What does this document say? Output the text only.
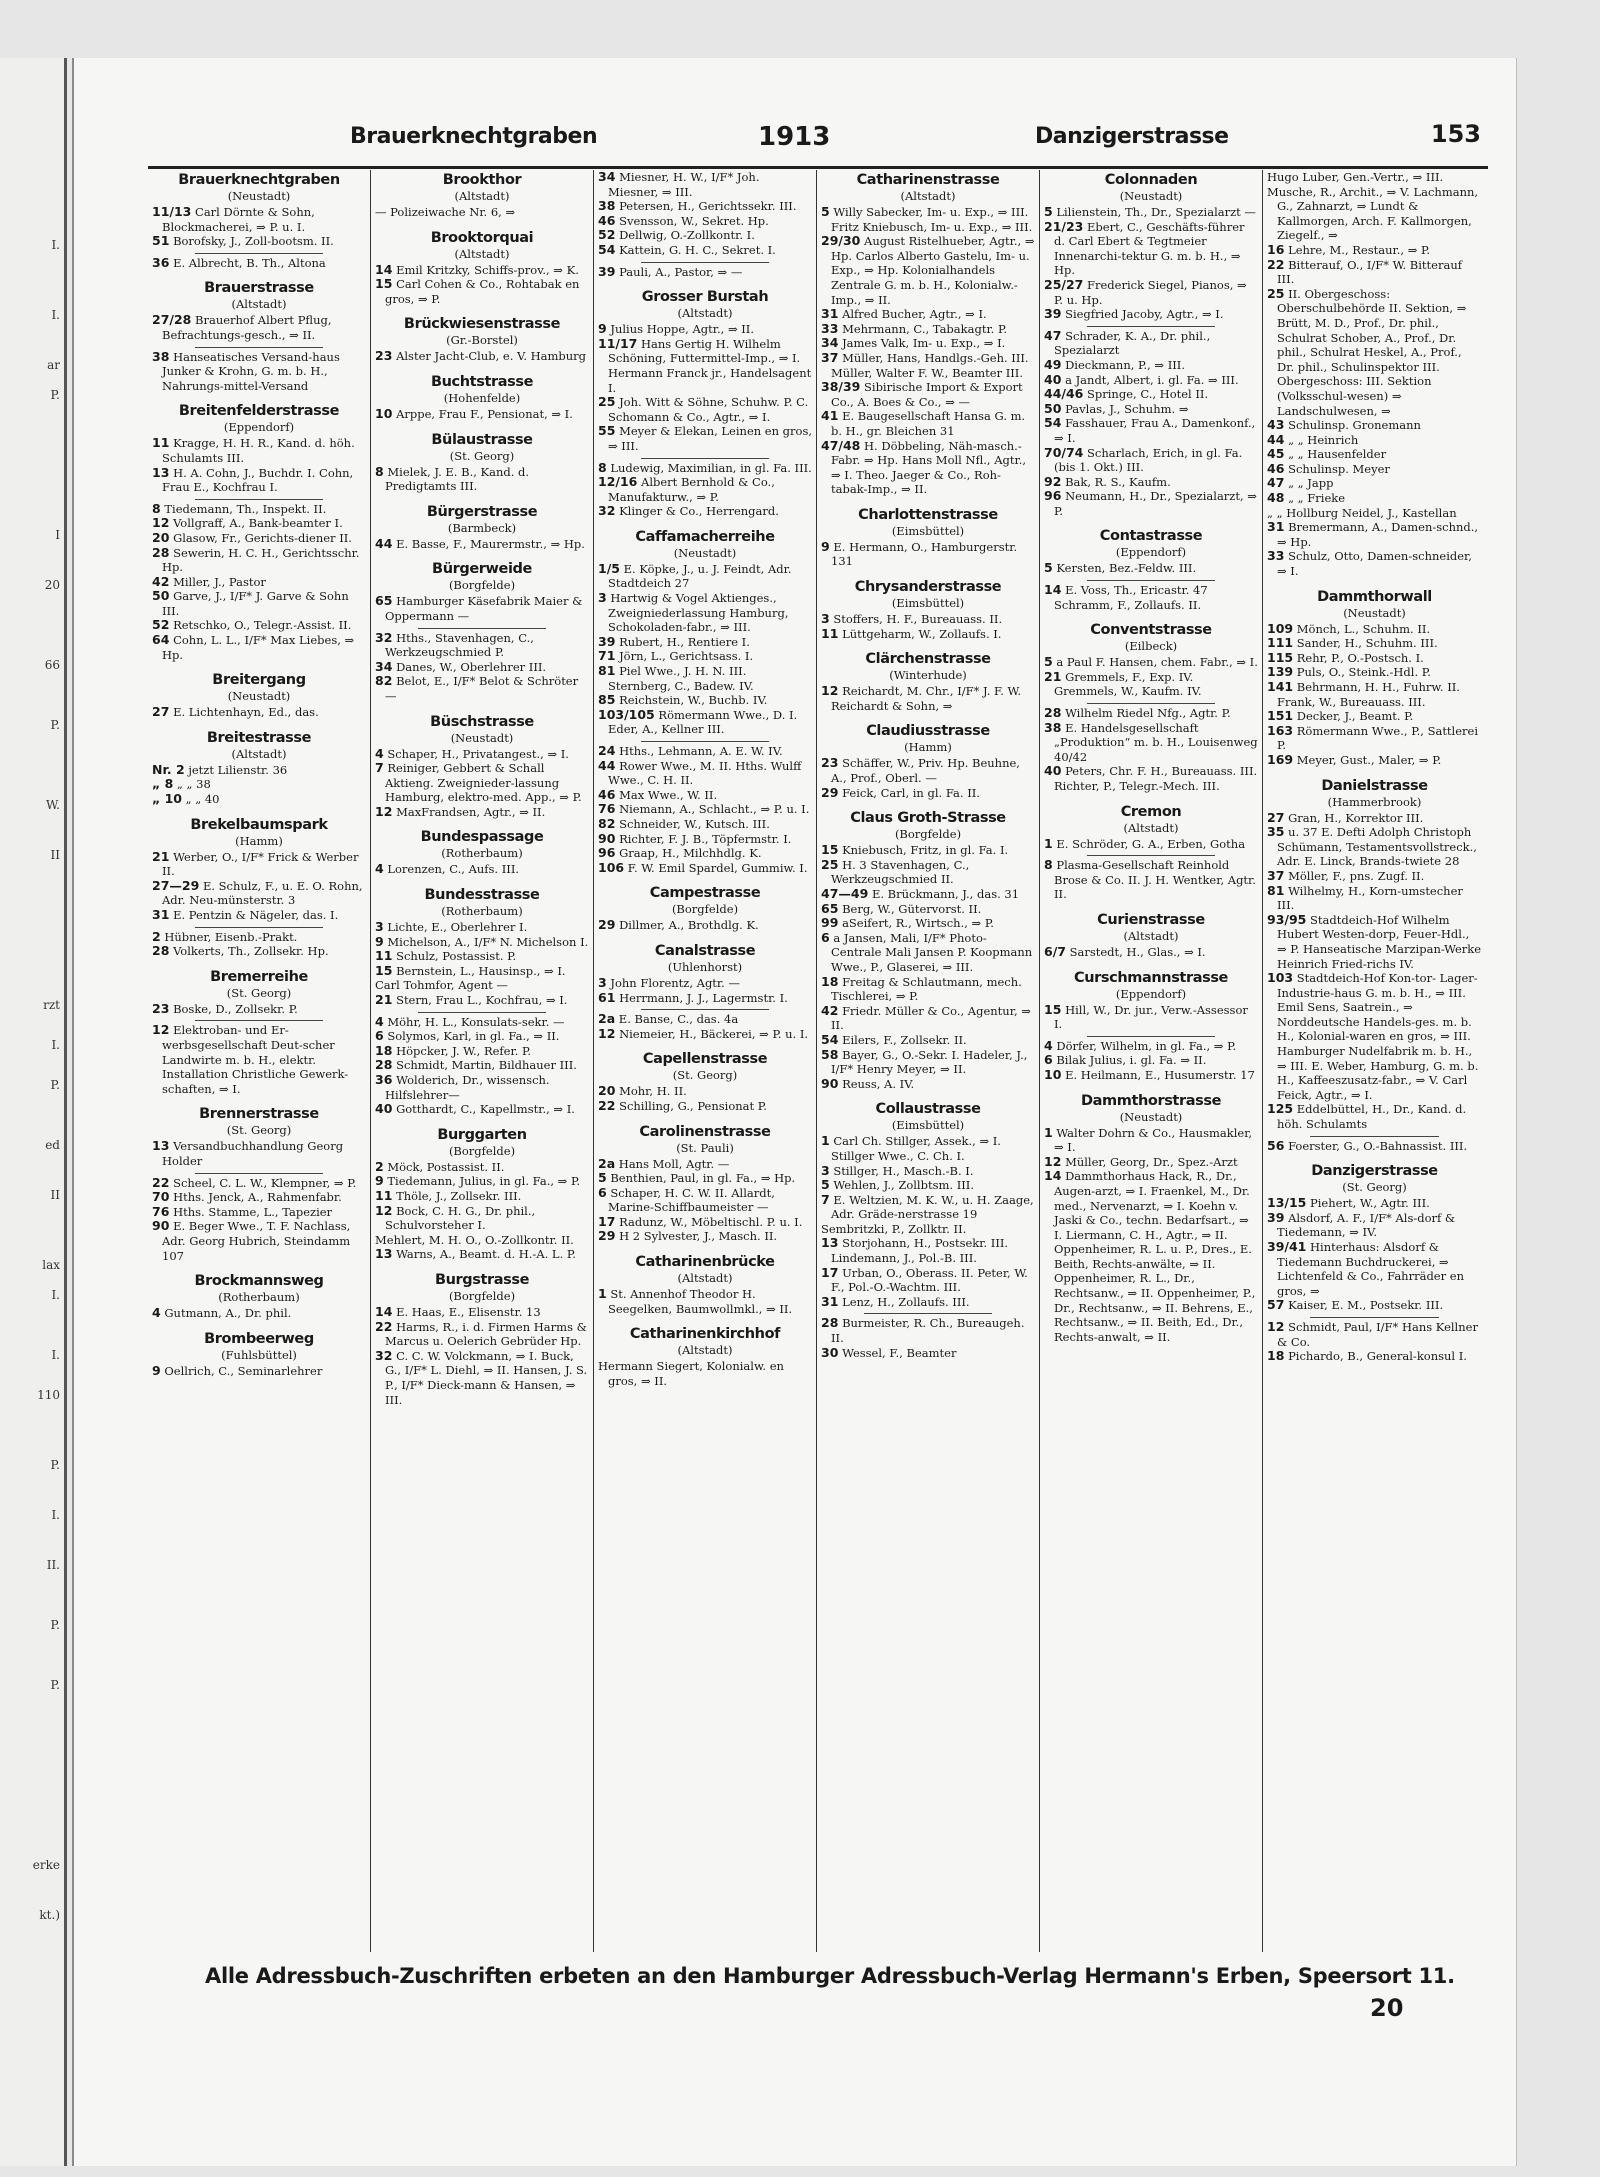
I.
I.
ar
P.
I
20
66
P.
W.
II
rzt
I.
P.
ed
II
lax
I.
I.
110
P.
I.
II.
P.
P.
erke
kt.)
Brauerknechtgraben	1913	Danzigerstrasse	153
Brauerknechtgraben
(Neustadt)
11/13 Carl Dörnte & Sohn, Blockmacherei, ⇒ P. u. I.
51 Borofsky, J., Zoll-bootsm. II.
36 E. Albrecht, B. Th., Altona
Brauerstrasse
(Altstadt)
27/28 Brauerhof Albert Pflug, Befrachtungs-gesch., ⇒ II.
38 Hanseatisches Versand-haus Junker & Krohn, G. m. b. H., Nahrungs-mittel-Versand
Breitenfelderstrasse
(Eppendorf)
11 Kragge, H. H. R., Kand. d. höh. Schulamts III.
13 H. A. Cohn, J., Buchdr. I. Cohn, Frau E., Kochfrau I.
8 Tiedemann, Th., Inspekt. II.
12 Vollgraff, A., Bank-beamter I.
20 Glasow, Fr., Gerichts-diener II.
28 Sewerin, H. C. H., Gerichtsschr. Hp.
42 Miller, J., Pastor
50 Garve, J., I/F* J. Garve & Sohn III.
52 Retschko, O., Telegr.-Assist. II.
64 Cohn, L. L., I/F* Max Liebes, ⇒ Hp.
Breitergang
(Neustadt)
27 E. Lichtenhayn, Ed., das.
Breitestrasse
(Altstadt)
Nr. 2 jetzt Lilienstr. 36
„ 8 „ „ 38
„ 10 „ „ 40
Brekelbaumspark
(Hamm)
21 Werber, O., I/F* Frick & Werber II.
27—29 E. Schulz, F., u. E. O. Rohn, Adr. Neu-münsterstr. 3
31 E. Pentzin & Nägeler, das. I.
2 Hübner, Eisenb.-Prakt.
28 Volkerts, Th., Zollsekr. Hp.
Bremerreihe
(St. Georg)
23 Boske, D., Zollsekr. P.
12 Elektroban- und Er-werbsgesellschaft Deut-scher Landwirte m. b. H., elektr. Installation Christliche Gewerk-schaften, ⇒ I.
Brennerstrasse
(St. Georg)
13 Versandbuchhandlung Georg Holder
22 Scheel, C. L. W., Klempner, ⇒ P.
70 Hths. Jenck, A., Rahmenfabr.
76 Hths. Stamme, L., Tapezier
90 E. Beger Wwe., T. F. Nachlass, Adr. Georg Hubrich, Steindamm 107
Brockmannsweg
(Rotherbaum)
4 Gutmann, A., Dr. phil.
Brombeerweg
(Fuhlsbüttel)
9 Oellrich, C., Seminarlehrer
Brookthor
(Altstadt)
— Polizeiwache Nr. 6, ⇒
Brooktorquai
(Altstadt)
14 Emil Kritzky, Schiffs-prov., ⇒ K.
15 Carl Cohen & Co., Rohtabak en gros, ⇒ P.
Brückwiesenstrasse
(Gr.-Borstel)
23 Alster Jacht-Club, e. V. Hamburg
Buchtstrasse
(Hohenfelde)
10 Arppe, Frau F., Pensionat, ⇒ I.
Bülaustrasse
(St. Georg)
8 Mielek, J. E. B., Kand. d. Predigtamts III.
Bürgerstrasse
(Barmbeck)
44 E. Basse, F., Maurermstr., ⇒ Hp.
Bürgerweide
(Borgfelde)
65 Hamburger Käsefabrik Maier & Oppermann —
32 Hths., Stavenhagen, C., Werkzeugschmied P.
34 Danes, W., Oberlehrer III.
82 Belot, E., I/F* Belot & Schröter —
Büschstrasse
(Neustadt)
4 Schaper, H., Privatangest., ⇒ I.
7 Reiniger, Gebbert & Schall Aktieng. Zweignieder-lassung Hamburg, elektro-med. App., ⇒ P.
12 MaxFrandsen, Agtr., ⇒ II.
Bundespassage
(Rotherbaum)
4 Lorenzen, C., Aufs. III.
Bundesstrasse
(Rotherbaum)
3 Lichte, E., Oberlehrer I.
9 Michelson, A., I/F* N. Michelson I.
11 Schulz, Postassist. P.
15 Bernstein, L., Hausinsp., ⇒ I.
Carl Tohmfor, Agent —
21 Stern, Frau L., Kochfrau, ⇒ I.
4 Möhr, H. L., Konsulats-sekr. —
6 Solymos, Karl, in gl. Fa., ⇒ II.
18 Höpcker, J. W., Refer. P.
28 Schmidt, Martin, Bildhauer III.
36 Wolderich, Dr., wissensch. Hilfslehrer—
40 Gotthardt, C., Kapellmstr., ⇒ I.
Burggarten
(Borgfelde)
2 Möck, Postassist. II.
9 Tiedemann, Julius, in gl. Fa., ⇒ P.
11 Thöle, J., Zollsekr. III.
12 Bock, C. H. G., Dr. phil., Schulvorsteher I.
Mehlert, M. H. O., O.-Zollkontr. II.
13 Warns, A., Beamt. d. H.-A. L. P.
Burgstrasse
(Borgfelde)
14 E. Haas, E., Elisenstr. 13
22 Harms, R., i. d. Firmen Harms & Marcus u. Oelerich Gebrüder Hp.
32 C. C. W. Volckmann, ⇒ I. Buck, G., I/F* L. Diehl, ⇒ II. Hansen, J. S. P., I/F* Dieck-mann & Hansen, ⇒ III.
34 Miesner, H. W., I/F* Joh. Miesner, ⇒ III.
38 Petersen, H., Gerichtssekr. III.
46 Svensson, W., Sekret. Hp.
52 Dellwig, O.-Zollkontr. I.
54 Kattein, G. H. C., Sekret. I.
39 Pauli, A., Pastor, ⇒ —
Grosser Burstah
(Altstadt)
9 Julius Hoppe, Agtr., ⇒ II.
11/17 Hans Gertig H. Wilhelm Schöning, Futtermittel-Imp., ⇒ I. Hermann Franck jr., Handelsagent I.
25 Joh. Witt & Söhne, Schuhw. P. C. Schomann & Co., Agtr., ⇒ I.
55 Meyer & Elekan, Leinen en gros, ⇒ III.
8 Ludewig, Maximilian, in gl. Fa. III.
12/16 Albert Bernhold & Co., Manufakturw., ⇒ P.
32 Klinger & Co., Herrengard.
Caffamacherreihe
(Neustadt)
1/5 E. Köpke, J., u. J. Feindt, Adr. Stadtdeich 27
3 Hartwig & Vogel Aktienges., Zweigniederlassung Hamburg, Schokoladen-fabr., ⇒ III.
39 Rubert, H., Rentiere I.
71 Jörn, L., Gerichtsass. I.
81 Piel Wwe., J. H. N. III. Sternberg, C., Badew. IV.
85 Reichstein, W., Buchb. IV.
103/105 Römermann Wwe., D. I. Eder, A., Kellner III.
24 Hths., Lehmann, A. E. W. IV.
44 Rower Wwe., M. II. Hths. Wulff Wwe., C. H. II.
46 Max Wwe., W. II.
76 Niemann, A., Schlacht., ⇒ P. u. I.
82 Schneider, W., Kutsch. III.
90 Richter, F. J. B., Töpfermstr. I.
96 Graap, H., Milchhdlg. K.
106 F. W. Emil Spardel, Gummiw. I.
Campestrasse
(Borgfelde)
29 Dillmer, A., Brothdlg. K.
Canalstrasse
(Uhlenhorst)
3 John Florentz, Agtr. —
61 Herrmann, J. J., Lagermstr. I.
2a E. Banse, C., das. 4a
12 Niemeier, H., Bäckerei, ⇒ P. u. I.
Capellenstrasse
(St. Georg)
20 Mohr, H. II.
22 Schilling, G., Pensionat P.
Carolinenstrasse
(St. Pauli)
2a Hans Moll, Agtr. —
5 Benthien, Paul, in gl. Fa., ⇒ Hp.
6 Schaper, H. C. W. II. Allardt, Marine-Schiffbaumeister —
17 Radunz, W., Möbeltischl. P. u. I.
29 H 2 Sylvester, J., Masch. II.
Catharinenbrücke
(Altstadt)
1 St. Annenhof Theodor H. Seegelken, Baumwollmkl., ⇒ II.
Catharinenkirchhof
(Altstadt)
Hermann Siegert, Kolonialw. en gros, ⇒ II.
Catharinenstrasse
(Altstadt)
5 Willy Sabecker, Im- u. Exp., ⇒ III. Fritz Kniebusch, Im- u. Exp., ⇒ III.
29/30 August Ristelhueber, Agtr., ⇒ Hp. Carlos Alberto Gastelu, Im- u. Exp., ⇒ Hp. Kolonialhandels Zentrale G. m. b. H., Kolonialw.-Imp., ⇒ II.
31 Alfred Bucher, Agtr., ⇒ I.
33 Mehrmann, C., Tabakagtr. P.
34 James Valk, Im- u. Exp., ⇒ I.
37 Müller, Hans, Handlgs.-Geh. III. Müller, Walter F. W., Beamter III.
38/39 Sibirische Import & Export Co., A. Boes & Co., ⇒ —
41 E. Baugesellschaft Hansa G. m. b. H., gr. Bleichen 31
47/48 H. Döbbeling, Näh-masch.-Fabr. ⇒ Hp. Hans Moll Nfl., Agtr., ⇒ I. Theo. Jaeger & Co., Roh-tabak-Imp., ⇒ II.
Charlottenstrasse
(Eimsbüttel)
9 E. Hermann, O., Hamburgerstr. 131
Chrysanderstrasse
(Eimsbüttel)
3 Stoffers, H. F., Bureauass. II.
11 Lüttgeharm, W., Zollaufs. I.
Clärchenstrasse
(Winterhude)
12 Reichardt, M. Chr., I/F* J. F. W. Reichardt & Sohn, ⇒
Claudiusstrasse
(Hamm)
23 Schäffer, W., Priv. Hp. Beuhne, A., Prof., Oberl. —
29 Feick, Carl, in gl. Fa. II.
Claus Groth-Strasse
(Borgfelde)
15 Kniebusch, Fritz, in gl. Fa. I.
25 H. 3 Stavenhagen, C., Werkzeugschmied II.
47—49 E. Brückmann, J., das. 31
65 Berg, W., Gütervorst. II.
99 aSeifert, R., Wirtsch., ⇒ P.
6 a Jansen, Mali, I/F* Photo-Centrale Mali Jansen P. Koopmann Wwe., P., Glaserei, ⇒ III.
18 Freitag & Schlautmann, mech. Tischlerei, ⇒ P.
42 Friedr. Müller & Co., Agentur, ⇒ II.
54 Eilers, F., Zollsekr. II.
58 Bayer, G., O.-Sekr. I. Hadeler, J., I/F* Henry Meyer, ⇒ II.
90 Reuss, A. IV.
Collaustrasse
(Eimsbüttel)
1 Carl Ch. Stillger, Assek., ⇒ I. Stillger Wwe., C. Ch. I.
3 Stillger, H., Masch.-B. I.
5 Wehlen, J., Zollbtsm. III.
7 E. Weltzien, M. K. W., u. H. Zaage, Adr. Gräde-nerstrasse 19
Sembritzki, P., Zollktr. II.
13 Storjohann, H., Postsekr. III. Lindemann, J., Pol.-B. III.
17 Urban, O., Oberass. II. Peter, W. F., Pol.-O.-Wachtm. III.
31 Lenz, H., Zollaufs. III.
28 Burmeister, R. Ch., Bureaugeh. II.
30 Wessel, F., Beamter
Colonnaden
(Neustadt)
5 Lilienstein, Th., Dr., Spezialarzt —
21/23 Ebert, C., Geschäfts-führer d. Carl Ebert & Tegtmeier Innenarchi-tektur G. m. b. H., ⇒ Hp.
25/27 Frederick Siegel, Pianos, ⇒ P. u. Hp.
39 Siegfried Jacoby, Agtr., ⇒ I.
47 Schrader, K. A., Dr. phil., Spezialarzt
49 Dieckmann, P., ⇒ III.
40 a Jandt, Albert, i. gl. Fa. ⇒ III.
44/46 Springe, C., Hotel II.
50 Pavlas, J., Schuhm. ⇒
54 Fasshauer, Frau A., Damenkonf., ⇒ I.
70/74 Scharlach, Erich, in gl. Fa. (bis 1. Okt.) III.
92 Bak, R. S., Kaufm.
96 Neumann, H., Dr., Spezialarzt, ⇒ P.
Contastrasse
(Eppendorf)
5 Kersten, Bez.-Feldw. III.
14 E. Voss, Th., Ericastr. 47 Schramm, F., Zollaufs. II.
Conventstrasse
(Eilbeck)
5 a Paul F. Hansen, chem. Fabr., ⇒ I.
21 Gremmels, F., Exp. IV. Gremmels, W., Kaufm. IV.
28 Wilhelm Riedel Nfg., Agtr. P.
38 E. Handelsgesellschaft „Produktion“ m. b. H., Louisenweg 40/42
40 Peters, Chr. F. H., Bureauass. III. Richter, P., Telegr.-Mech. III.
Cremon
(Altstadt)
1 E. Schröder, G. A., Erben, Gotha
8 Plasma-Gesellschaft Reinhold Brose & Co. II. J. H. Wentker, Agtr. II.
Curienstrasse
(Altstadt)
6/7 Sarstedt, H., Glas., ⇒ I.
Curschmannstrasse
(Eppendorf)
15 Hill, W., Dr. jur., Verw.-Assessor I.
4 Dörfer, Wilhelm, in gl. Fa., ⇒ P.
6 Bilak Julius, i. gl. Fa. ⇒ II.
10 E. Heilmann, E., Husumerstr. 17
Dammthorstrasse
(Neustadt)
1 Walter Dohrn & Co., Hausmakler, ⇒ I.
12 Müller, Georg, Dr., Spez.-Arzt
14 Dammthorhaus Hack, R., Dr., Augen-arzt, ⇒ I. Fraenkel, M., Dr. med., Nervenarzt, ⇒ I. Koehn v. Jaski & Co., techn. Bedarfsart., ⇒ I. Liermann, C. H., Agtr., ⇒ II. Oppenheimer, R. L. u. P., Dres., E. Beith, Rechts-anwälte, ⇒ II. Oppenheimer, R. L., Dr., Rechtsanw., ⇒ II. Oppenheimer, P., Dr., Rechtsanw., ⇒ II. Behrens, E., Rechtsanw., ⇒ II. Beith, Ed., Dr., Rechts-anwalt, ⇒ II.
Hugo Luber, Gen.-Vertr., ⇒ III.
Musche, R., Archit., ⇒ V. Lachmann, G., Zahnarzt, ⇒ Lundt & Kallmorgen, Arch. F. Kallmorgen, Ziegelf., ⇒
16 Lehre, M., Restaur., ⇒ P.
22 Bitterauf, O., I/F* W. Bitterauf III.
25 II. Obergeschoss: Oberschulbehörde II. Sektion, ⇒ Brütt, M. D., Prof., Dr. phil., Schulrat Schober, A., Prof., Dr. phil., Schulrat Heskel, A., Prof., Dr. phil., Schulinspektor III. Obergeschoss: III. Sektion (Volksschul-wesen) ⇒ Landschulwesen, ⇒
43 Schulinsp. Gronemann
44 „ „ Heinrich
45 „ „ Hausenfelder
46 Schulinsp. Meyer
47 „ „ Japp
48 „ „ Frieke
„ „ Hollburg Neidel, J., Kastellan
31 Bremermann, A., Damen-schnd., ⇒ Hp.
33 Schulz, Otto, Damen-schneider, ⇒ I.
Dammthorwall
(Neustadt)
109 Mönch, L., Schuhm. II.
111 Sander, H., Schuhm. III.
115 Rehr, P., O.-Postsch. I.
139 Puls, O., Steink.-Hdl. P.
141 Behrmann, H. H., Fuhrw. II. Frank, W., Bureauass. III.
151 Decker, J., Beamt. P.
163 Römermann Wwe., P., Sattlerei P.
169 Meyer, Gust., Maler, ⇒ P.
Danielstrasse
(Hammerbrook)
27 Gran, H., Korrektor III.
35 u. 37 E. Defti Adolph Christoph Schümann, Testamentsvollstreck., Adr. E. Linck, Brands-twiete 28
37 Möller, F., pns. Zugf. II.
81 Wilhelmy, H., Korn-umstecher III.
93/95 Stadtdeich-Hof Wilhelm Hubert Westen-dorp, Feuer-Hdl., ⇒ P. Hanseatische Marzipan-Werke Heinrich Fried-richs IV.
103 Stadtdeich-Hof Kon-tor- Lager- Industrie-haus G. m. b. H., ⇒ III. Emil Sens, Saatrein., ⇒ Norddeutsche Handels-ges. m. b. H., Kolonial-waren en gros, ⇒ III. Hamburger Nudelfabrik m. b. H., ⇒ III. E. Weber, Hamburg, G. m. b. H., Kaffeeszusatz-fabr., ⇒ V. Carl Feick, Agtr., ⇒ I.
125 Eddelbüttel, H., Dr., Kand. d. höh. Schulamts
56 Foerster, G., O.-Bahnassist. III.
Danzigerstrasse
(St. Georg)
13/15 Piehert, W., Agtr. III.
39 Alsdorf, A. F., I/F* Als-dorf & Tiedemann, ⇒ IV.
39/41 Hinterhaus: Alsdorf & Tiedemann Buchdruckerei, ⇒ Lichtenfeld & Co., Fahrräder en gros, ⇒
57 Kaiser, E. M., Postsekr. III.
12 Schmidt, Paul, I/F* Hans Kellner & Co.
18 Pichardo, B., General-konsul I.
Alle Adressbuch-Zuschriften erbeten an den Hamburger Adressbuch-Verlag Hermann's Erben, Speersort 11.
20
